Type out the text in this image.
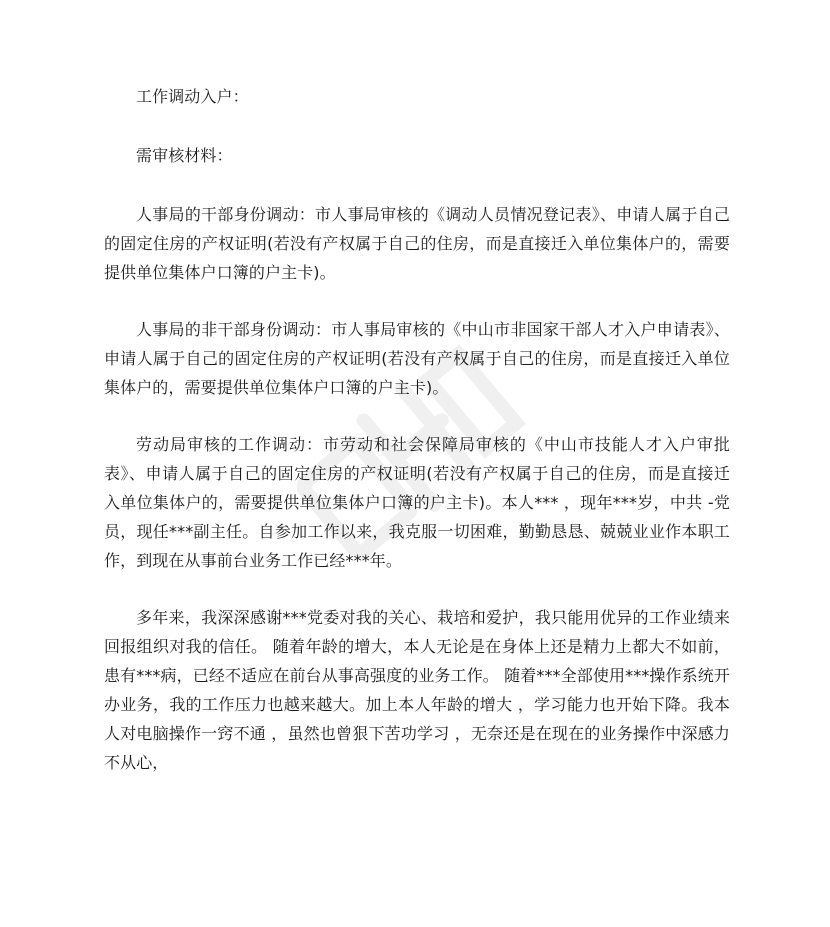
工作调动入户：

需审核材料：

人事局的干部身份调动：市人事局审核的《调动人员情况登记表》、申请人属于自己的固定住房的产权证明(若没有产权属于自己的住房，而是直接迁入单位集体户的，需要提供单位集体户口簿的户主卡)。

人事局的非干部身份调动：市人事局审核的《中山市非国家干部人才入户申请表》、申请人属于自己的固定住房的产权证明(若没有产权属于自己的住房，而是直接迁入单位集体户的，需要提供单位集体户口簿的户主卡)。

劳动局审核的工作调动：市劳动和社会保障局审核的《中山市技能人才入户审批表》、申请人属于自己的固定住房的产权证明(若没有产权属于自己的住房，而是直接迁入单位集体户的，需要提供单位集体户口簿的户主卡)。本人*** ，现年***岁，中共 -党员，现任***副主任。自参加工作以来，我克服一切困难，勤勤恳恳、兢兢业业作本职工作，到现在从事前台业务工作已经***年。

多年来，我深深感谢***党委对我的关心、栽培和爱护，我只能用优异的工作业绩来回报组织对我的信任。 随着年龄的增大，本人无论是在身体上还是精力上都大不如前，患有***病，已经不适应在前台从事高强度的业务工作。 随着***全部使用***操作系统开办业务，我的工作压力也越来越大。加上本人年龄的增大 ，学习能力也开始下降。我本人对电脑操作一窍不通 ，虽然也曾狠下苦功学习 ，无奈还是在现在的业务操作中深感力不从心，
